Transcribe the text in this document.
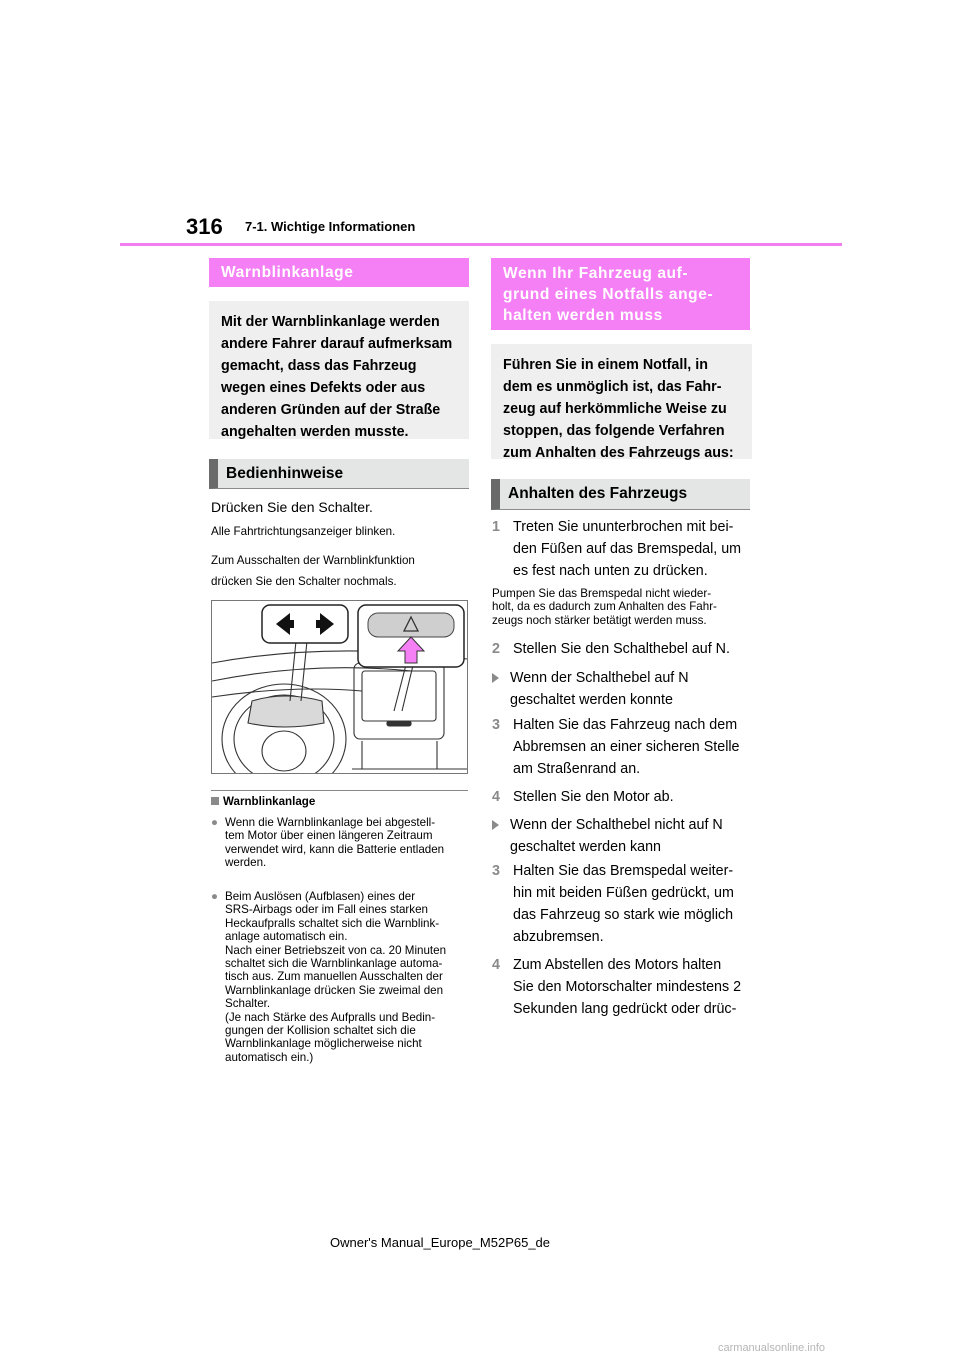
316 7-1. Wichtige Informationen
Warnblinkanlage
Mit der Warnblinkanlage werden
andere Fahrer darauf aufmerksam
gemacht, dass das Fahrzeug
wegen eines Defekts oder aus
anderen Gründen auf der Straße
angehalten werden musste.
Bedienhinweise
Drücken Sie den Schalter.
Alle Fahrtrichtungsanzeiger blinken.
Zum Ausschalten der Warnblinkfunktion
drücken Sie den Schalter nochmals.
Warnblinkanlage
● Wenn die Warnblinkanlage bei abgestell-
tem Motor über einen längeren Zeitraum
verwendet wird, kann die Batterie entladen
werden.
● Beim Auslösen (Aufblasen) eines der
SRS-Airbags oder im Fall eines starken
Heckaufpralls schaltet sich die Warnblink-
anlage automatisch ein.
Nach einer Betriebszeit von ca. 20 Minuten
schaltet sich die Warnblinkanlage automa-
tisch aus. Zum manuellen Ausschalten der
Warnblinkanlage drücken Sie zweimal den
Schalter.
(Je nach Stärke des Aufpralls und Bedin-
gungen der Kollision schaltet sich die
Warnblinkanlage möglicherweise nicht
automatisch ein.)
Wenn Ihr Fahrzeug auf-
grund eines Notfalls ange-
halten werden muss
Führen Sie in einem Notfall, in
dem es unmöglich ist, das Fahr-
zeug auf herkömmliche Weise zu
stoppen, das folgende Verfahren
zum Anhalten des Fahrzeugs aus:
Anhalten des Fahrzeugs
1 Treten Sie ununterbrochen mit bei-
den Füßen auf das Bremspedal, um
es fest nach unten zu drücken.
Pumpen Sie das Bremspedal nicht wieder-
holt, da es dadurch zum Anhalten des Fahr-
zeugs noch stärker betätigt werden muss.
2 Stellen Sie den Schalthebel auf N.
Wenn der Schalthebel auf N
geschaltet werden konnte
3 Halten Sie das Fahrzeug nach dem
Abbremsen an einer sicheren Stelle
am Straßenrand an.
4 Stellen Sie den Motor ab.
Wenn der Schalthebel nicht auf N
geschaltet werden kann
3 Halten Sie das Bremspedal weiter-
hin mit beiden Füßen gedrückt, um
das Fahrzeug so stark wie möglich
abzubremsen.
4 Zum Abstellen des Motors halten
Sie den Motorschalter mindestens 2
Sekunden lang gedrückt oder drüc-
Owner's Manual_Europe_M52P65_de
carmanualsonline.info
